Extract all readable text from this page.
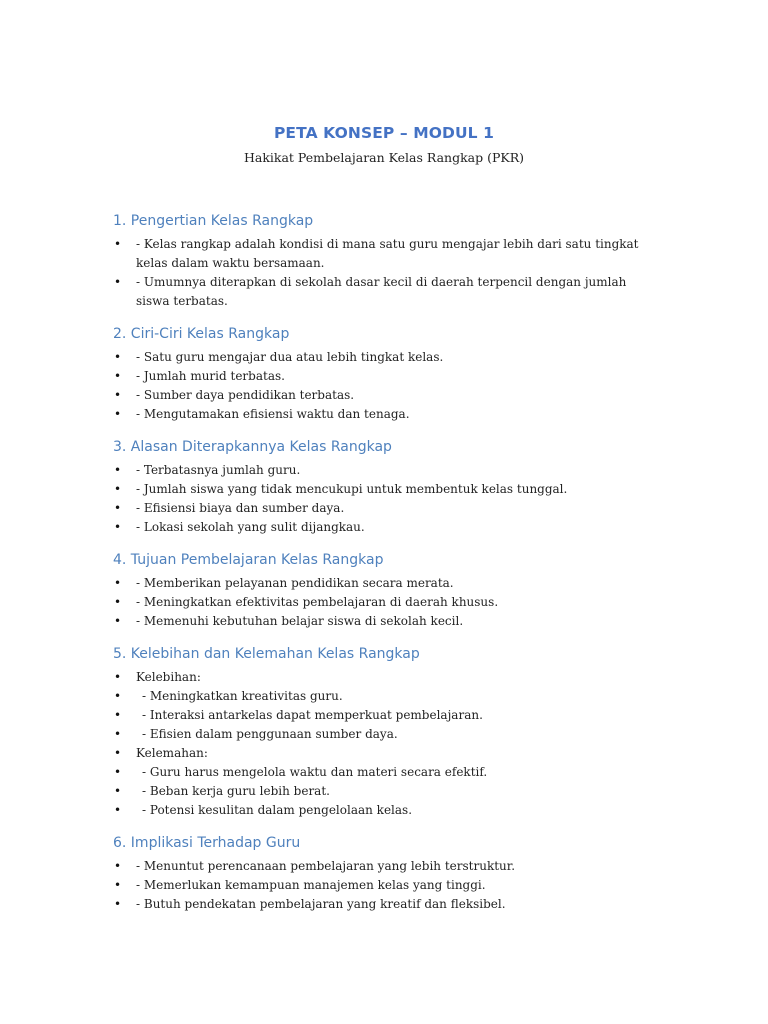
PETA KONSEP – MODUL 1
Hakikat Pembelajaran Kelas Rangkap (PKR)
1. Pengertian Kelas Rangkap
• - Kelas rangkap adalah kondisi di mana satu guru mengajar lebih dari satu tingkat kelas dalam waktu bersamaan.
• - Umumnya diterapkan di sekolah dasar kecil di daerah terpencil dengan jumlah siswa terbatas.
2. Ciri-Ciri Kelas Rangkap
• - Satu guru mengajar dua atau lebih tingkat kelas.
• - Jumlah murid terbatas.
• - Sumber daya pendidikan terbatas.
• - Mengutamakan efisiensi waktu dan tenaga.
3. Alasan Diterapkannya Kelas Rangkap
• - Terbatasnya jumlah guru.
• - Jumlah siswa yang tidak mencukupi untuk membentuk kelas tunggal.
• - Efisiensi biaya dan sumber daya.
• - Lokasi sekolah yang sulit dijangkau.
4. Tujuan Pembelajaran Kelas Rangkap
• - Memberikan pelayanan pendidikan secara merata.
• - Meningkatkan efektivitas pembelajaran di daerah khusus.
• - Memenuhi kebutuhan belajar siswa di sekolah kecil.
5. Kelebihan dan Kelemahan Kelas Rangkap
• Kelebihan:
•	- Meningkatkan kreativitas guru.
•	- Interaksi antarkelas dapat memperkuat pembelajaran.
•	- Efisien dalam penggunaan sumber daya.
• Kelemahan:
•	- Guru harus mengelola waktu dan materi secara efektif.
•	- Beban kerja guru lebih berat.
•	- Potensi kesulitan dalam pengelolaan kelas.
6. Implikasi Terhadap Guru
• - Menuntut perencanaan pembelajaran yang lebih terstruktur.
• - Memerlukan kemampuan manajemen kelas yang tinggi.
• - Butuh pendekatan pembelajaran yang kreatif dan fleksibel.
